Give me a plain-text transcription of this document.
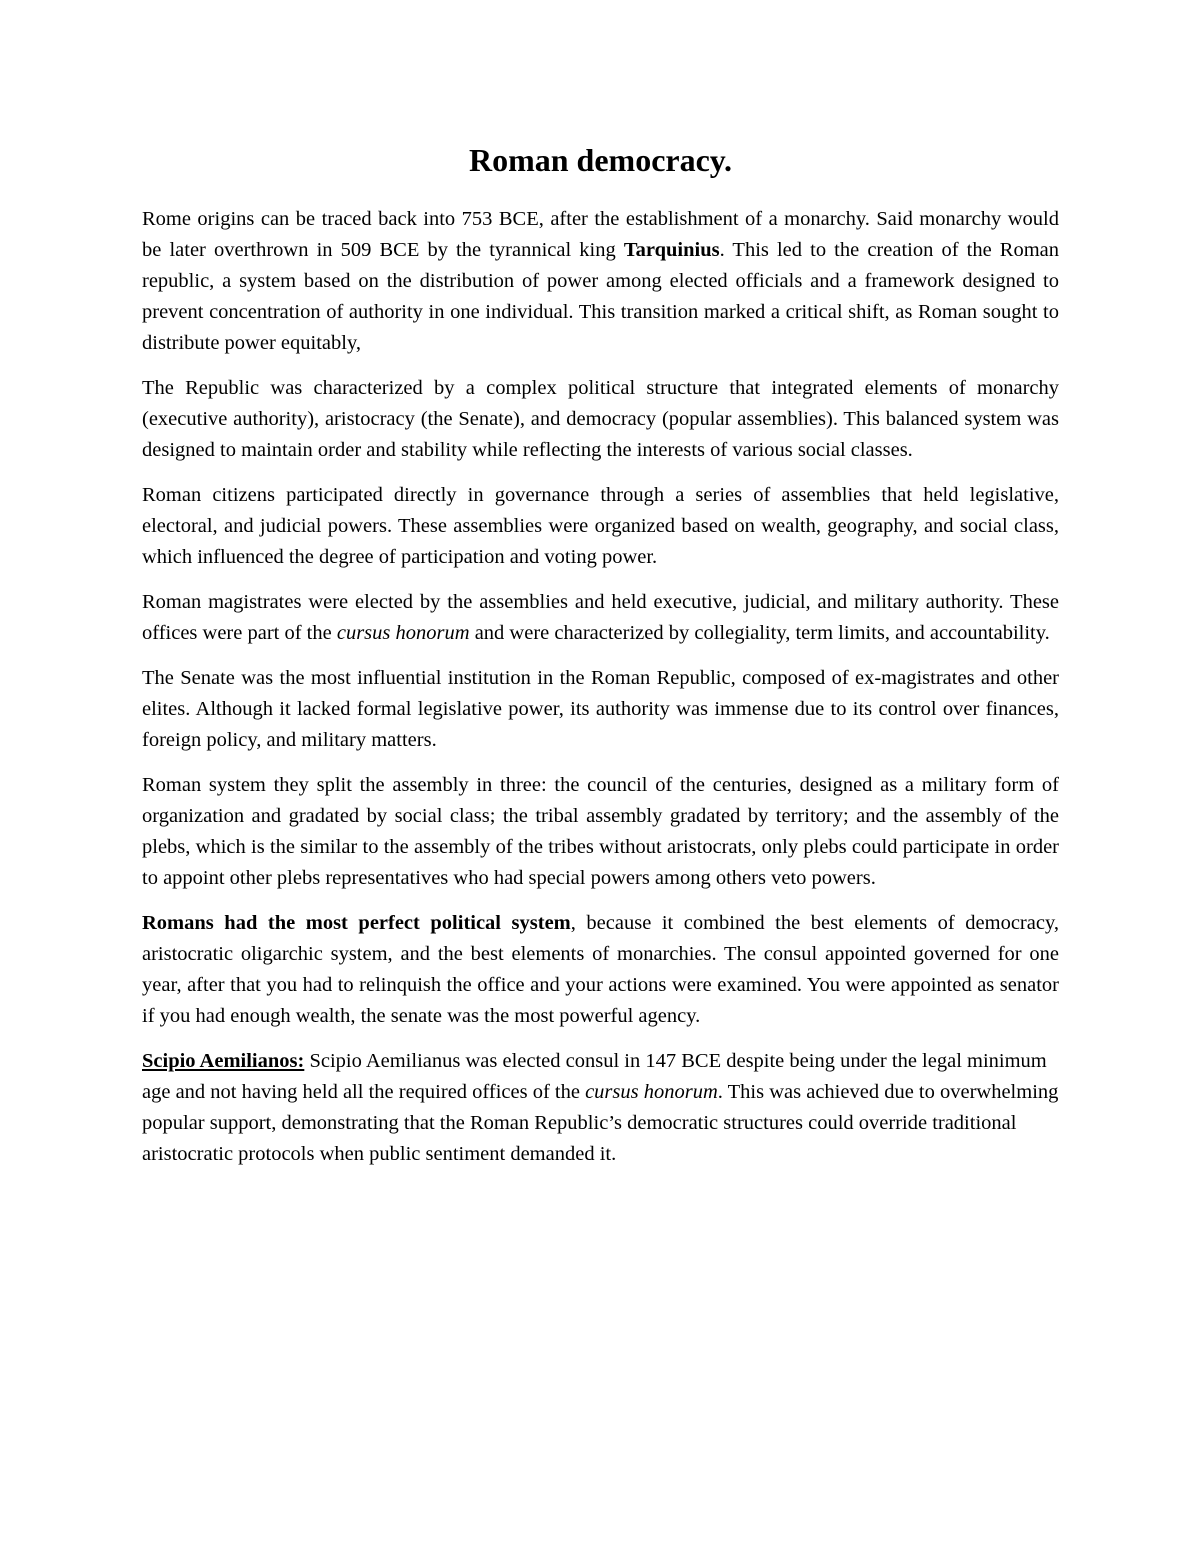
Roman democracy.

Rome origins can be traced back into 753 BCE, after the establishment of a monarchy. Said monarchy would be later overthrown in 509 BCE by the tyrannical king Tarquinius. This led to the creation of the Roman republic, a system based on the distribution of power among elected officials and a framework designed to prevent concentration of authority in one individual. This transition marked a critical shift, as Roman sought to distribute power equitably,

The Republic was characterized by a complex political structure that integrated elements of monarchy (executive authority), aristocracy (the Senate), and democracy (popular assemblies). This balanced system was designed to maintain order and stability while reflecting the interests of various social classes.

Roman citizens participated directly in governance through a series of assemblies that held legislative, electoral, and judicial powers. These assemblies were organized based on wealth, geography, and social class, which influenced the degree of participation and voting power.

Roman magistrates were elected by the assemblies and held executive, judicial, and military authority. These offices were part of the cursus honorum and were characterized by collegiality, term limits, and accountability.

The Senate was the most influential institution in the Roman Republic, composed of ex-magistrates and other elites. Although it lacked formal legislative power, its authority was immense due to its control over finances, foreign policy, and military matters.

Roman system they split the assembly in three: the council of the centuries, designed as a military form of organization and gradated by social class; the tribal assembly gradated by territory; and the assembly of the plebs, which is the similar to the assembly of the tribes without aristocrats, only plebs could participate in order to appoint other plebs representatives who had special powers among others veto powers.

Romans had the most perfect political system, because it combined the best elements of democracy, aristocratic oligarchic system, and the best elements of monarchies. The consul appointed governed for one year, after that you had to relinquish the office and your actions were examined. You were appointed as senator if you had enough wealth, the senate was the most powerful agency.

Scipio Aemilianos: Scipio Aemilianus was elected consul in 147 BCE despite being under the legal minimum age and not having held all the required offices of the cursus honorum. This was achieved due to overwhelming popular support, demonstrating that the Roman Republic’s democratic structures could override traditional aristocratic protocols when public sentiment demanded it.
